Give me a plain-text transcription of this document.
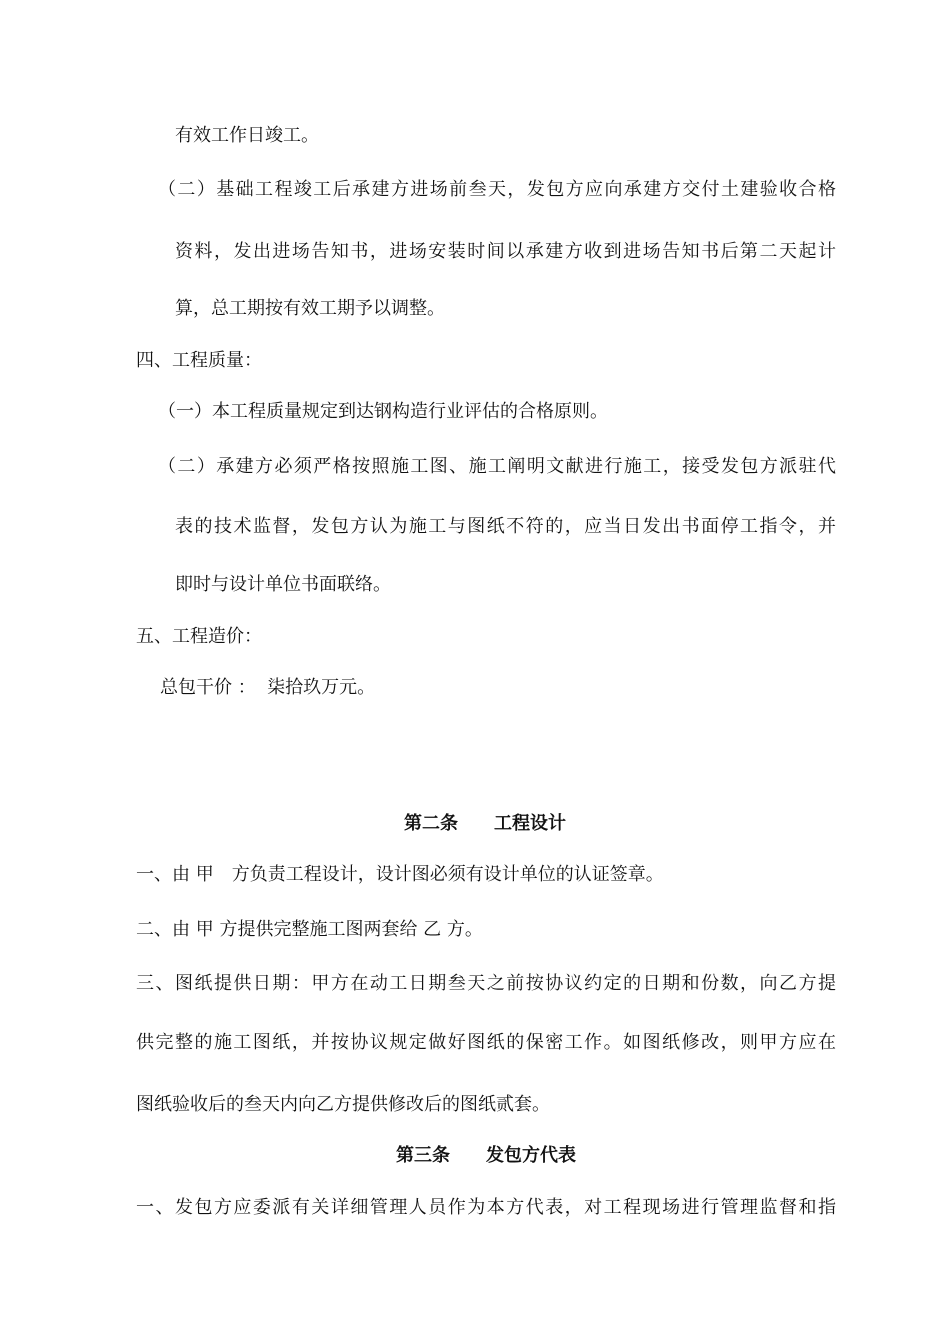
有效工作日竣工。
（二）基础工程竣工后承建方进场前叁天，发包方应向承建方交付土建验收合格
资料，发出进场告知书，进场安装时间以承建方收到进场告知书后第二天起计
算，总工期按有效工期予以调整。
四、工程质量：
（一）本工程质量规定到达钢构造行业评估的合格原则。
（二）承建方必须严格按照施工图、施工阐明文献进行施工，接受发包方派驻代
表的技术监督，发包方认为施工与图纸不符的，应当日发出书面停工指令，并
即时与设计单位书面联络。
五、工程造价：
总包干价 ：  柒拾玖万元。
第二条　　工程设计
一、由 甲　方负责工程设计，设计图必须有设计单位的认证签章。
二、由 甲 方提供完整施工图两套给 乙 方。
三、图纸提供日期：甲方在动工日期叁天之前按协议约定的日期和份数，向乙方提
供完整的施工图纸，并按协议规定做好图纸的保密工作。如图纸修改，则甲方应在
图纸验收后的叁天内向乙方提供修改后的图纸贰套。
第三条　　发包方代表
一、发包方应委派有关详细管理人员作为本方代表，对工程现场进行管理监督和指
